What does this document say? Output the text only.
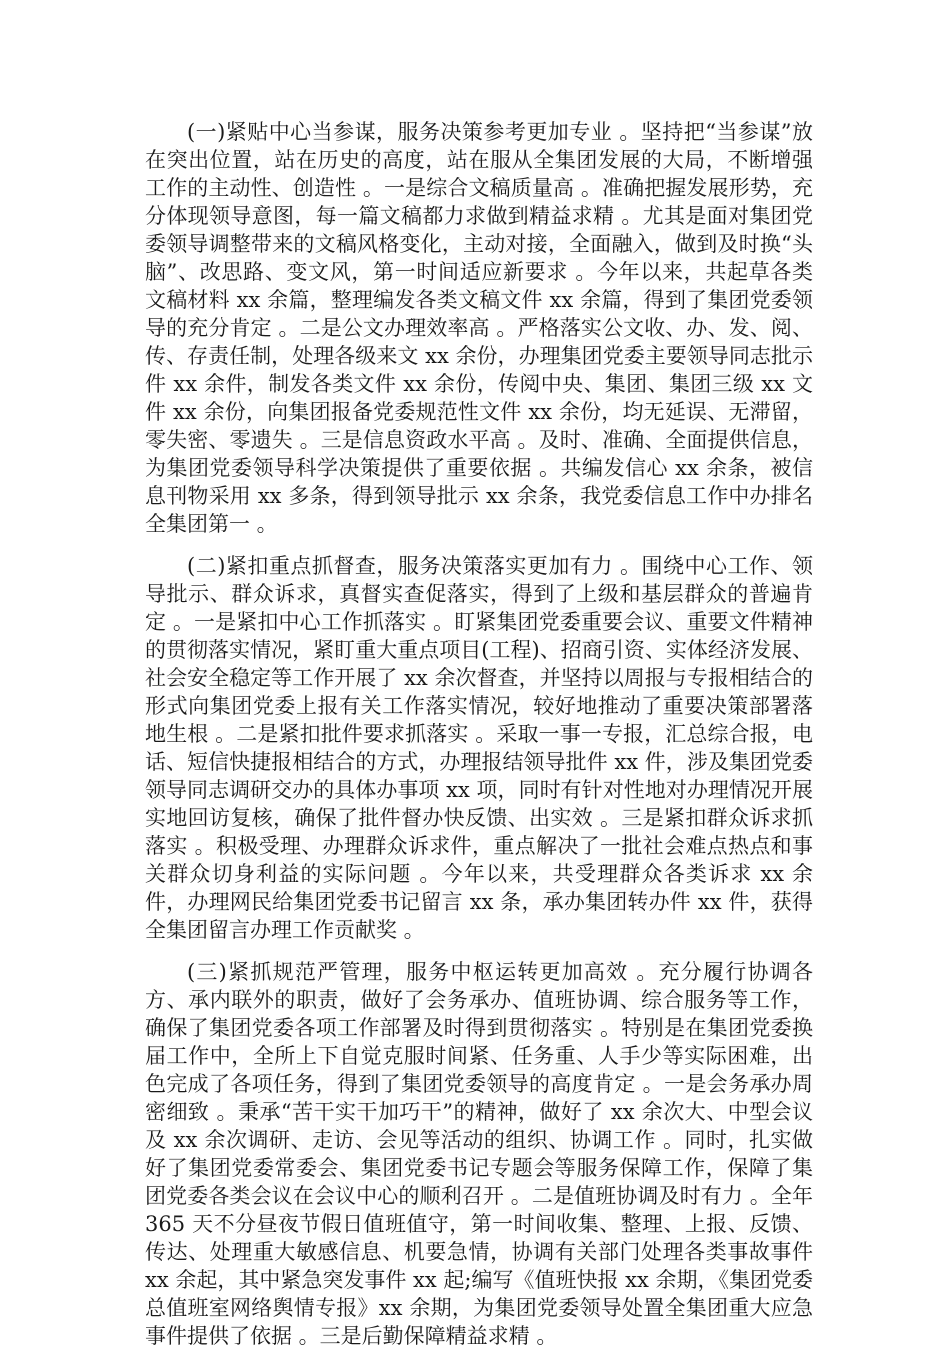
(一)紧贴中心当参谋，服务决策参考更加专业 。坚持把“当参谋”放在突出位置，站在历史的高度，站在服从全集团发展的大局，不断增强工作的主动性、创造性 。一是综合文稿质量高 。准确把握发展形势，充分体现领导意图，每一篇文稿都力求做到精益求精 。尤其是面对集团党委领导调整带来的文稿风格变化，主动对接，全面融入，做到及时换“头脑”、改思路、变文风，第一时间适应新要求 。今年以来，共起草各类文稿材料 xx 余篇，整理编发各类文稿文件 xx 余篇，得到了集团党委领导的充分肯定 。二是公文办理效率高 。严格落实公文收、办、发、阅、传、存责任制，处理各级来文 xx 余份，办理集团党委主要领导同志批示件 xx 余件，制发各类文件 xx 余份，传阅中央、集团、集团三级 xx 文件 xx 余份，向集团报备党委规范性文件 xx 余份，均无延误、无滞留，零失密、零遗失 。三是信息资政水平高 。及时、准确、全面提供信息，为集团党委领导科学决策提供了重要依据 。共编发信心 xx 余条，被信息刊物采用 xx 多条，得到领导批示 xx 余条，我党委信息工作中办排名全集团第一 。

(二)紧扣重点抓督查，服务决策落实更加有力 。围绕中心工作、领导批示、群众诉求，真督实查促落实，得到了上级和基层群众的普遍肯定 。一是紧扣中心工作抓落实 。盯紧集团党委重要会议、重要文件精神的贯彻落实情况，紧盯重大重点项目(工程)、招商引资、实体经济发展、社会安全稳定等工作开展了 xx 余次督查，并坚持以周报与专报相结合的形式向集团党委上报有关工作落实情况，较好地推动了重要决策部署落地生根 。二是紧扣批件要求抓落实 。采取一事一专报，汇总综合报，电话、短信快捷报相结合的方式，办理报结领导批件 xx 件，涉及集团党委领导同志调研交办的具体办事项 xx 项，同时有针对性地对办理情况开展实地回访复核，确保了批件督办快反馈、出实效 。三是紧扣群众诉求抓落实 。积极受理、办理群众诉求件，重点解决了一批社会难点热点和事关群众切身利益的实际问题 。今年以来，共受理群众各类诉求 xx 余件，办理网民给集团党委书记留言 xx 条，承办集团转办件 xx 件，获得全集团留言办理工作贡献奖 。

(三)紧抓规范严管理，服务中枢运转更加高效 。充分履行协调各方、承内联外的职责，做好了会务承办、值班协调、综合服务等工作，确保了集团党委各项工作部署及时得到贯彻落实 。特别是在集团党委换届工作中，全所上下自觉克服时间紧、任务重、人手少等实际困难，出色完成了各项任务，得到了集团党委领导的高度肯定 。一是会务承办周密细致 。秉承“苦干实干加巧干”的精神，做好了 xx 余次大、中型会议及 xx 余次调研、走访、会见等活动的组织、协调工作 。同时，扎实做好了集团党委常委会、集团党委书记专题会等服务保障工作，保障了集团党委各类会议在会议中心的顺利召开 。二是值班协调及时有力 。全年 365 天不分昼夜节假日值班值守，第一时间收集、整理、上报、反馈、传达、处理重大敏感信息、机要急情，协调有关部门处理各类事故事件 xx 余起，其中紧急突发事件 xx 起;编写《值班快报 xx 余期，《集团党委总值班室网络舆情专报》xx 余期，为集团党委领导处置全集团重大应急事件提供了依据 。三是后勤保障精益求精 。
